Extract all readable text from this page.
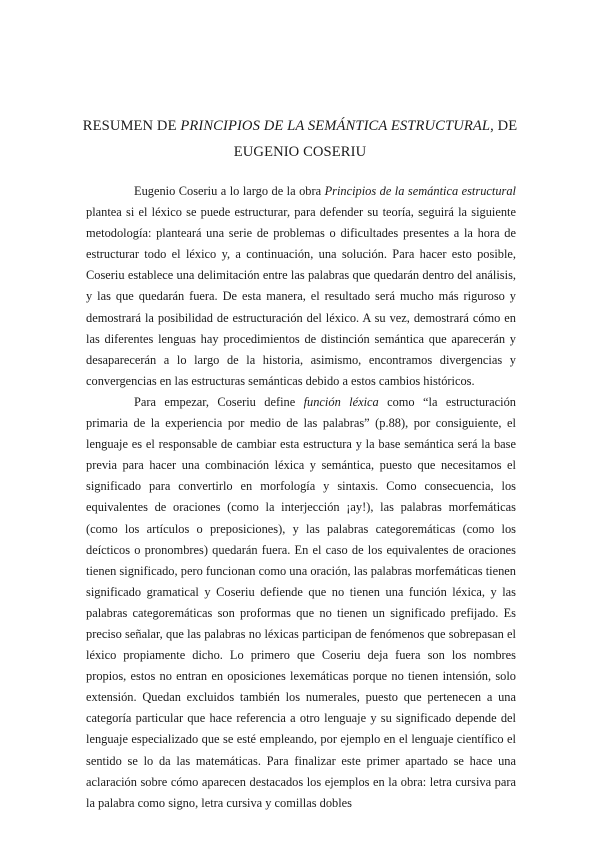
RESUMEN DE PRINCIPIOS DE LA SEMÁNTICA ESTRUCTURAL, DE EUGENIO COSERIU

Eugenio Coseriu a lo largo de la obra Principios de la semántica estructural plantea si el léxico se puede estructurar, para defender su teoría, seguirá la siguiente metodología: planteará una serie de problemas o dificultades presentes a la hora de estructurar todo el léxico y, a continuación, una solución. Para hacer esto posible, Coseriu establece una delimitación entre las palabras que quedarán dentro del análisis, y las que quedarán fuera. De esta manera, el resultado será mucho más riguroso y demostrará la posibilidad de estructuración del léxico. A su vez, demostrará cómo en las diferentes lenguas hay procedimientos de distinción semántica que aparecerán y desaparecerán a lo largo de la historia, asimismo, encontramos divergencias y convergencias en las estructuras semánticas debido a estos cambios históricos.

Para empezar, Coseriu define función léxica como “la estructuración primaria de la experiencia por medio de las palabras” (p.88), por consiguiente, el lenguaje es el responsable de cambiar esta estructura y la base semántica será la base previa para hacer una combinación léxica y semántica, puesto que necesitamos el significado para convertirlo en morfología y sintaxis. Como consecuencia, los equivalentes de oraciones (como la interjección ¡ay!), las palabras morfemáticas (como los artículos o preposiciones), y las palabras categoremáticas (como los deícticos o pronombres) quedarán fuera. En el caso de los equivalentes de oraciones tienen significado, pero funcionan como una oración, las palabras morfemáticas tienen significado gramatical y Coseriu defiende que no tienen una función léxica, y las palabras categoremáticas son proformas que no tienen un significado prefijado. Es preciso señalar, que las palabras no léxicas participan de fenómenos que sobrepasan el léxico propiamente dicho. Lo primero que Coseriu deja fuera son los nombres propios, estos no entran en oposiciones lexemáticas porque no tienen intensión, solo extensión. Quedan excluidos también los numerales, puesto que pertenecen a una categoría particular que hace referencia a otro lenguaje y su significado depende del lenguaje especializado que se esté empleando, por ejemplo en el lenguaje científico el sentido se lo da las matemáticas. Para finalizar este primer apartado se hace una aclaración sobre cómo aparecen destacados los ejemplos en la obra: letra cursiva para la palabra como signo, letra cursiva y comillas dobles
